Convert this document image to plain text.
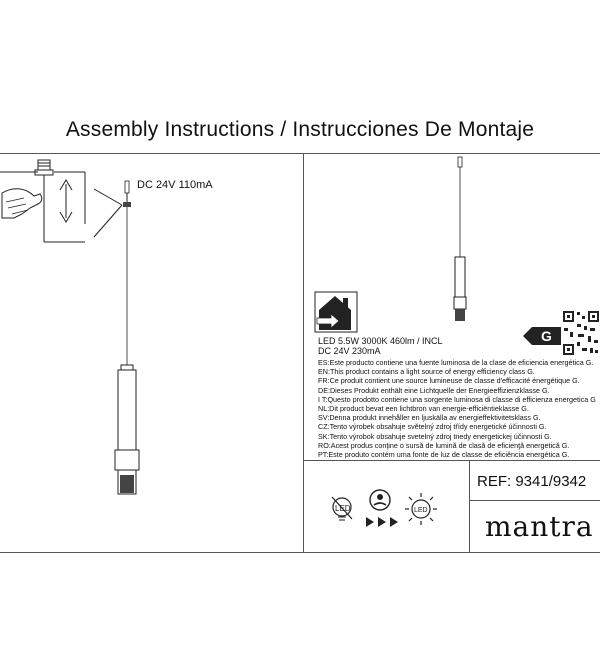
Assembly Instructions / Instrucciones De Montaje
DC 24V 110mA
G
LED 5.5W 3000K 460lm / INCL
DC 24V 230mA
ES:Este producto contiene una fuente luminosa de la clase de eficiencia energética G.
EN:This product contains a light source of energy efficiency class G.
FR:Ce produit contient une source lumineuse de classe d'efficacité énergétique G.
DE:Dieses Produkt enthält eine Lichtquelle der Energieeffizienzklasse G.
I T:Questo prodotto contiene una sorgente luminosa di classe di efficienza energetica G
NL:Dit product bevat een lichtbron van energie-efficiëntieklasse G.
SV:Denna produkt innehåller en ljuskälla av energieffektivitetsklass G.
CZ:Tento výrobek obsahuje světelný zdroj třídy energetické účinnosti G.
SK:Tento výrobok obsahuje svetelný zdroj triedy energetickej účinnosti G.
RO:Acest produs conţine o sursă de lumină de clasă de eficienţă energetică G.
PT:Este produto contém uma fonte de luz de classe de eficiência energética G.
LED	LED
REF: 9341/9342
mantra
